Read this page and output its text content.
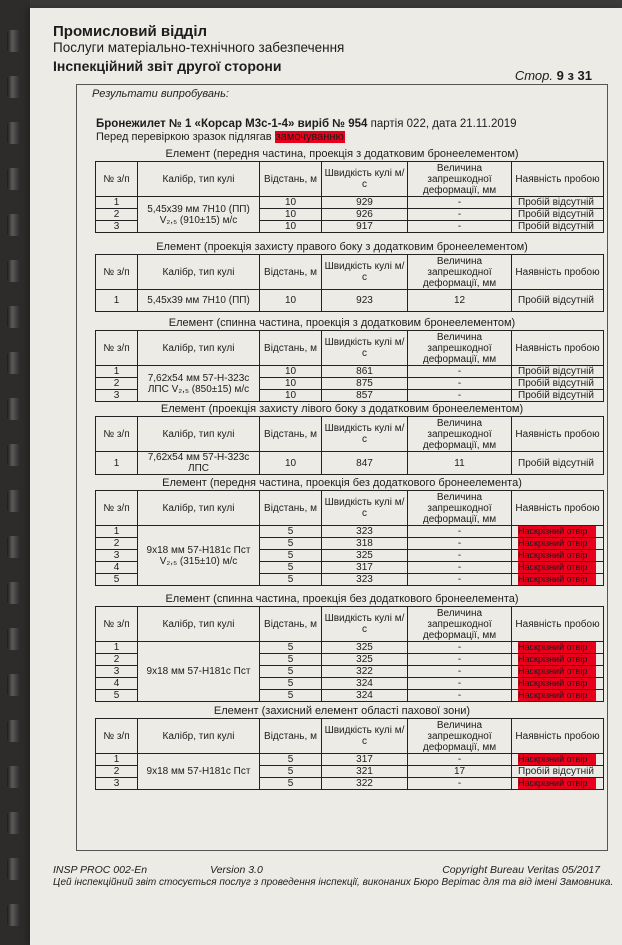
Промисловий відділ
Послуги матеріально-технічного забезпечення
Інспекційний звіт другої сторони
Стор. 9 з 31
Результати випробувань:
Бронежилет № 1 «Корсар М3с-1-4» виріб № 954 партія 022, дата 21.11.2019
Перед перевіркою зразок підлягав замочуванню
Елемент (передня частина, проекція з додатковим бронеелементом)
№ з/п	Калібр, тип кулі	Відстань, м	Швидкість кулі м/с	Величина запрешкодної деформації, мм	Наявність пробою
1	5,45x39 мм 7Н10 (ПП) V₂,₅ (910±15) м/с	10	929	-	Пробій відсутній
2		10	926	-	Пробій відсутній
3		10	917	-	Пробій відсутній
Елемент (проекція захисту правого боку з додатковим бронеелементом)
№ з/п	Калібр, тип кулі	Відстань, м	Швидкість кулі м/с	Величина запрешкодної деформації, мм	Наявність пробою
1	5,45x39 мм 7Н10 (ПП)	10	923	12	Пробій відсутній
Елемент (спинна частина, проекція з додатковим бронеелементом)
№ з/п	Калібр, тип кулі	Відстань, м	Швидкість кулі м/с	Величина запрешкодної деформації, мм	Наявність пробою
1	7,62x54 мм 57-Н-323с ЛПС V₂,₅ (850±15) м/с	10	861	-	Пробій відсутній
2		10	875	-	Пробій відсутній
3		10	857	-	Пробій відсутній
Елемент (проекція захисту лівого боку з додатковим бронеелементом)
№ з/п	Калібр, тип кулі	Відстань, м	Швидкість кулі м/с	Величина запрешкодної деформації, мм	Наявність пробою
1	7,62x54 мм 57-Н-323с ЛПС	10	847	11	Пробій відсутній
Елемент (передня частина, проекція без додаткового бронеелемента)
№ з/п	Калібр, тип кулі	Відстань, м	Швидкість кулі м/с	Величина запрешкодної деформації, мм	Наявність пробою
1	9x18 мм 57-Н181с Пст V₂,₅ (315±10) м/с	5	323	-	Наскрізний отвір
2		5	318	-	Наскрізний отвір
3		5	325	-	Наскрізний отвір
4		5	317	-	Наскрізний отвір
5		5	323	-	Наскрізний отвір
Елемент (спинна частина, проекція без додаткового бронеелемента)
№ з/п	Калібр, тип кулі	Відстань, м	Швидкість кулі м/с	Величина запрешкодної деформації, мм	Наявність пробою
1	9x18 мм 57-Н181с Пст	5	325	-	Наскрізний отвір
2		5	325	-	Наскрізний отвір
3		5	322	-	Наскрізний отвір
4		5	324	-	Наскрізний отвір
5		5	324	-	Наскрізний отвір
Елемент (захисний елемент області пахової зони)
№ з/п	Калібр, тип кулі	Відстань, м	Швидкість кулі м/с	Величина запрешкодної деформації, мм	Наявність пробою
1	9x18 мм 57-Н181с Пст	5	317	-	Наскрізний отвір
2		5	321	17	Пробій відсутній
3		5	322	-	Наскрізний отвір
INSP PROC 002-En	Version 3.0	Copyright Bureau Veritas 05/2017
Цей інспекційний звіт стосується послуг з проведення інспекції, виконаних Бюро Верітас для та від імені Замовника.
